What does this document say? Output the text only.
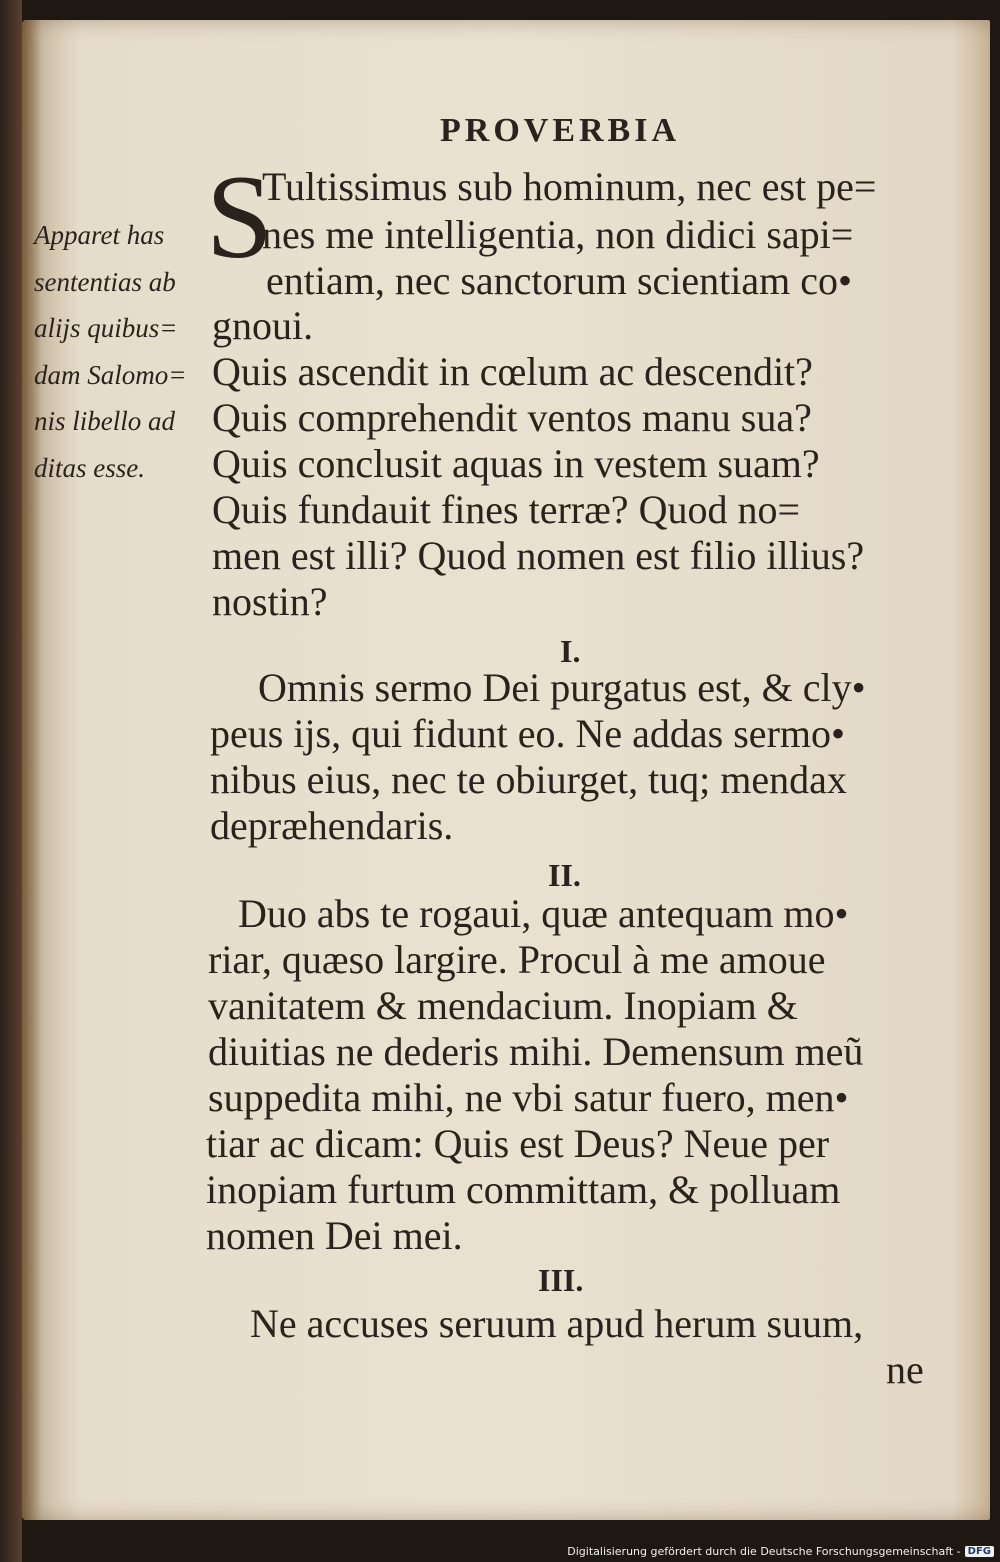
PROVERBIA
Apparet has
sententias ab
alijs quibus=
dam Salomo=
nis libello ad
ditas esse.
S
Tultissimus sub hominum, nec est pe=
nes me intelligentia, non didici sapi=
entiam, nec sanctorum scientiam co•
gnoui.
Quis ascendit in cœlum ac descendit?
Quis comprehendit ventos manu sua?
Quis conclusit aquas in vestem suam?
Quis fundauit fines terræ? Quod no=
men est illi? Quod nomen est filio illius?
nostin?
I.
Omnis sermo Dei purgatus est, & cly•
peus ijs, qui fidunt eo. Ne addas sermo•
nibus eius, nec te obiurget, tuq; mendax
depræhendaris.
II.
Duo abs te rogaui, quæ antequam mo•
riar, quæso largire. Procul à me amoue
vanitatem & mendacium. Inopiam &
diuitias ne dederis mihi. Demensum meũ
suppedita mihi, ne vbi satur fuero, men•
tiar ac dicam: Quis est Deus? Neue per
inopiam furtum committam, & polluam
nomen Dei mei.
III.
Ne accuses seruum apud herum suum,
ne
Digitalisierung gefördert durch die Deutsche Forschungsgemeinschaft - DFG
